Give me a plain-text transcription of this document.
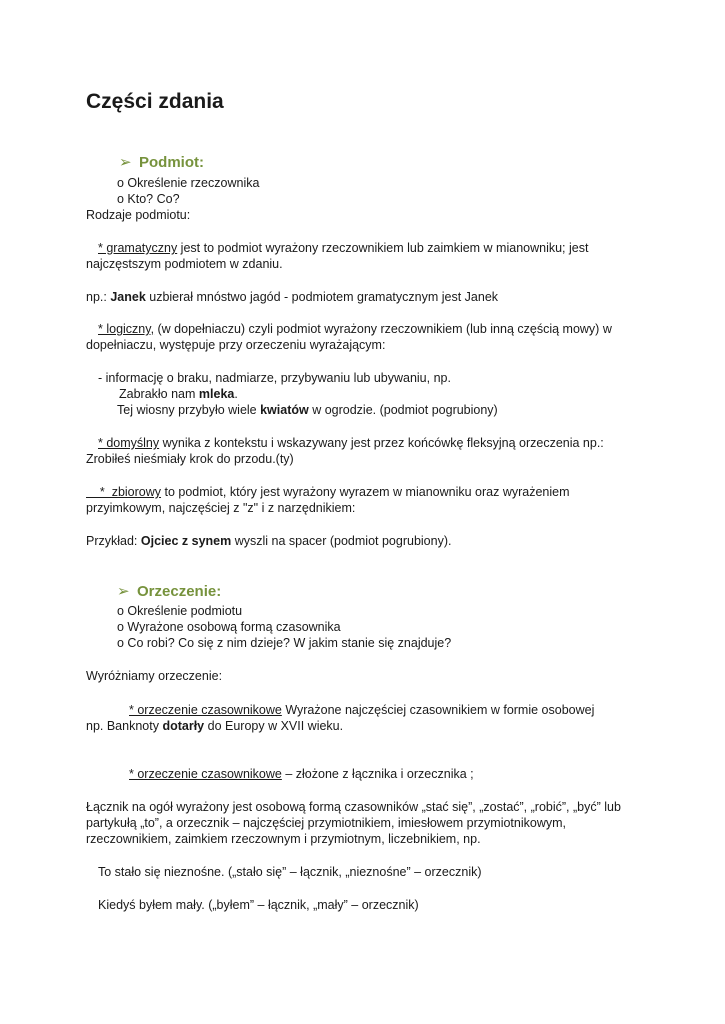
Części zdania
➢ Podmiot:
o Określenie rzeczownika
o Kto? Co?
Rodzaje podmiotu:
* gramatyczny jest to podmiot wyrażony rzeczownikiem lub zaimkiem w mianowniku; jest
najczęstszym podmiotem w zdaniu.
np.: Janek uzbierał mnóstwo jagód - podmiotem gramatycznym jest Janek
* logiczny, (w dopełniaczu) czyli podmiot wyrażony rzeczownikiem (lub inną częścią mowy) w
dopełniaczu, występuje przy orzeczeniu wyrażającym:
- informację o braku, nadmiarze, przybywaniu lub ubywaniu, np.
Zabrakło nam mleka.
Tej wiosny przybyło wiele kwiatów w ogrodzie. (podmiot pogrubiony)
* domyślny wynika z kontekstu i wskazywany jest przez końcówkę fleksyjną orzeczenia np.:
Zrobiłeś nieśmiały krok do przodu.(ty)
*  zbiorowy to podmiot, który jest wyrażony wyrazem w mianowniku oraz wyrażeniem
przyimkowym, najczęściej z "z" i z narzędnikiem:
Przykład: Ojciec z synem wyszli na spacer (podmiot pogrubiony).
➢ Orzeczenie:
o Określenie podmiotu
o Wyrażone osobową formą czasownika
o Co robi? Co się z nim dzieje? W jakim stanie się znajduje?
Wyróżniamy orzeczenie:
* orzeczenie czasownikowe Wyrażone najczęściej czasownikiem w formie osobowej
np. Banknoty dotarły do Europy w XVII wieku.
* orzeczenie czasownikowe – złożone z łącznika i orzecznika ;
Łącznik na ogół wyrażony jest osobową formą czasowników „stać się”, „zostać”, „robić”, „być” lub
partykułą „to”, a orzecznik – najczęściej przymiotnikiem, imiesłowem przymiotnikowym,
rzeczownikiem, zaimkiem rzeczownym i przymiotnym, liczebnikiem, np.
To stało się nieznośne. („stało się” – łącznik, „nieznośne” – orzecznik)
Kiedyś byłem mały. („byłem” – łącznik, „mały” – orzecznik)
